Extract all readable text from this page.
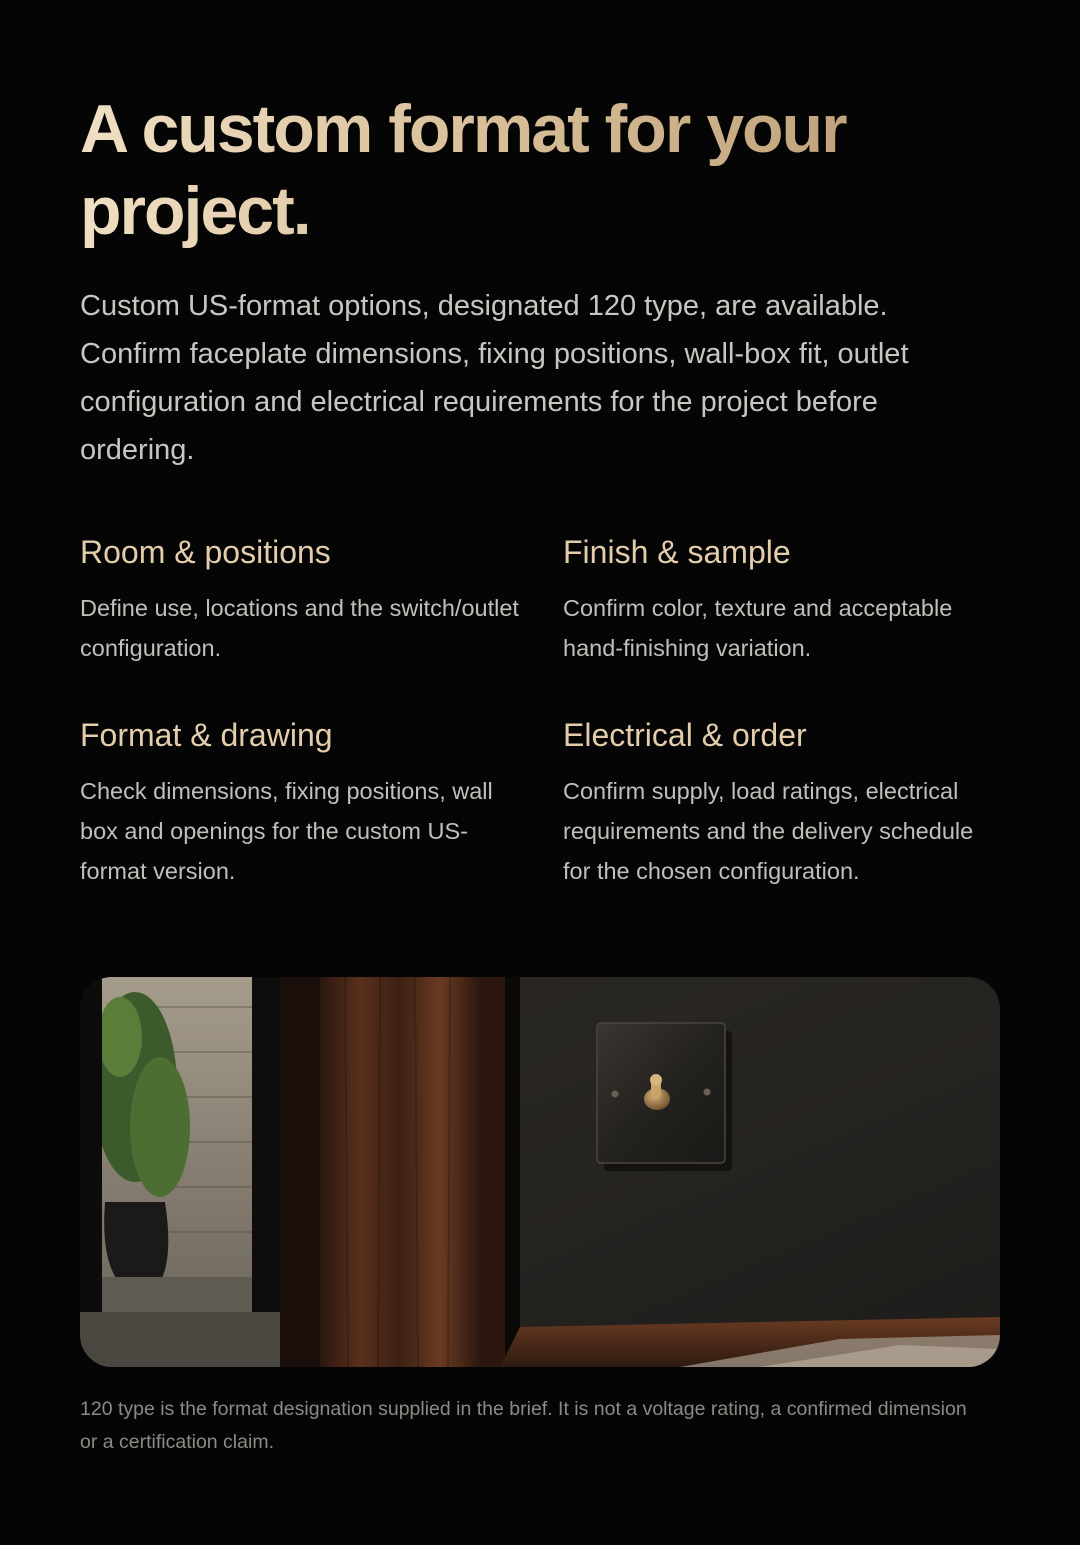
A custom format for your project.

Custom US-format options, designated 120 type, are available. Confirm faceplate dimensions, fixing positions, wall-box fit, outlet configuration and electrical requirements for the project before ordering.

Room & positions

Define use, locations and the switch/outlet configuration.

Finish & sample

Confirm color, texture and acceptable hand-finishing variation.

Format & drawing

Check dimensions, fixing positions, wall box and openings for the custom US-format version.

Electrical & order

Confirm supply, load ratings, electrical requirements and the delivery schedule for the chosen configuration.

120 type is the format designation supplied in the brief. It is not a voltage rating, a confirmed dimension or a certification claim.
